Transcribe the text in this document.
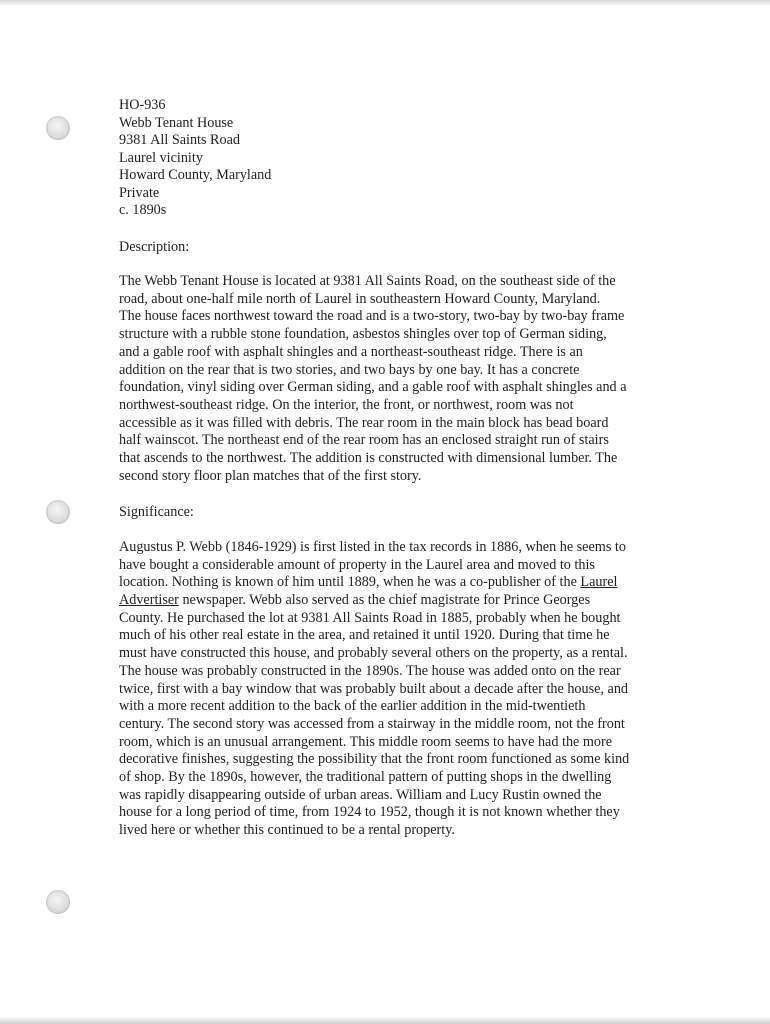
HO-936
Webb Tenant House
9381 All Saints Road
Laurel vicinity
Howard County, Maryland
Private
c. 1890s
Description:
The Webb Tenant House is located at 9381 All Saints Road, on the southeast side of the
road, about one-half mile north of Laurel in southeastern Howard County, Maryland.
The house faces northwest toward the road and is a two-story, two-bay by two-bay frame
structure with a rubble stone foundation, asbestos shingles over top of German siding,
and a gable roof with asphalt shingles and a northeast-southeast ridge. There is an
addition on the rear that is two stories, and two bays by one bay. It has a concrete
foundation, vinyl siding over German siding, and a gable roof with asphalt shingles and a
northwest-southeast ridge. On the interior, the front, or northwest, room was not
accessible as it was filled with debris. The rear room in the main block has bead board
half wainscot. The northeast end of the rear room has an enclosed straight run of stairs
that ascends to the northwest. The addition is constructed with dimensional lumber. The
second story floor plan matches that of the first story.
Significance:
Augustus P. Webb (1846-1929) is first listed in the tax records in 1886, when he seems to
have bought a considerable amount of property in the Laurel area and moved to this
location. Nothing is known of him until 1889, when he was a co-publisher of the Laurel
Advertiser newspaper. Webb also served as the chief magistrate for Prince Georges
County. He purchased the lot at 9381 All Saints Road in 1885, probably when he bought
much of his other real estate in the area, and retained it until 1920. During that time he
must have constructed this house, and probably several others on the property, as a rental.
The house was probably constructed in the 1890s. The house was added onto on the rear
twice, first with a bay window that was probably built about a decade after the house, and
with a more recent addition to the back of the earlier addition in the mid-twentieth
century. The second story was accessed from a stairway in the middle room, not the front
room, which is an unusual arrangement. This middle room seems to have had the more
decorative finishes, suggesting the possibility that the front room functioned as some kind
of shop. By the 1890s, however, the traditional pattern of putting shops in the dwelling
was rapidly disappearing outside of urban areas. William and Lucy Rustin owned the
house for a long period of time, from 1924 to 1952, though it is not known whether they
lived here or whether this continued to be a rental property.
